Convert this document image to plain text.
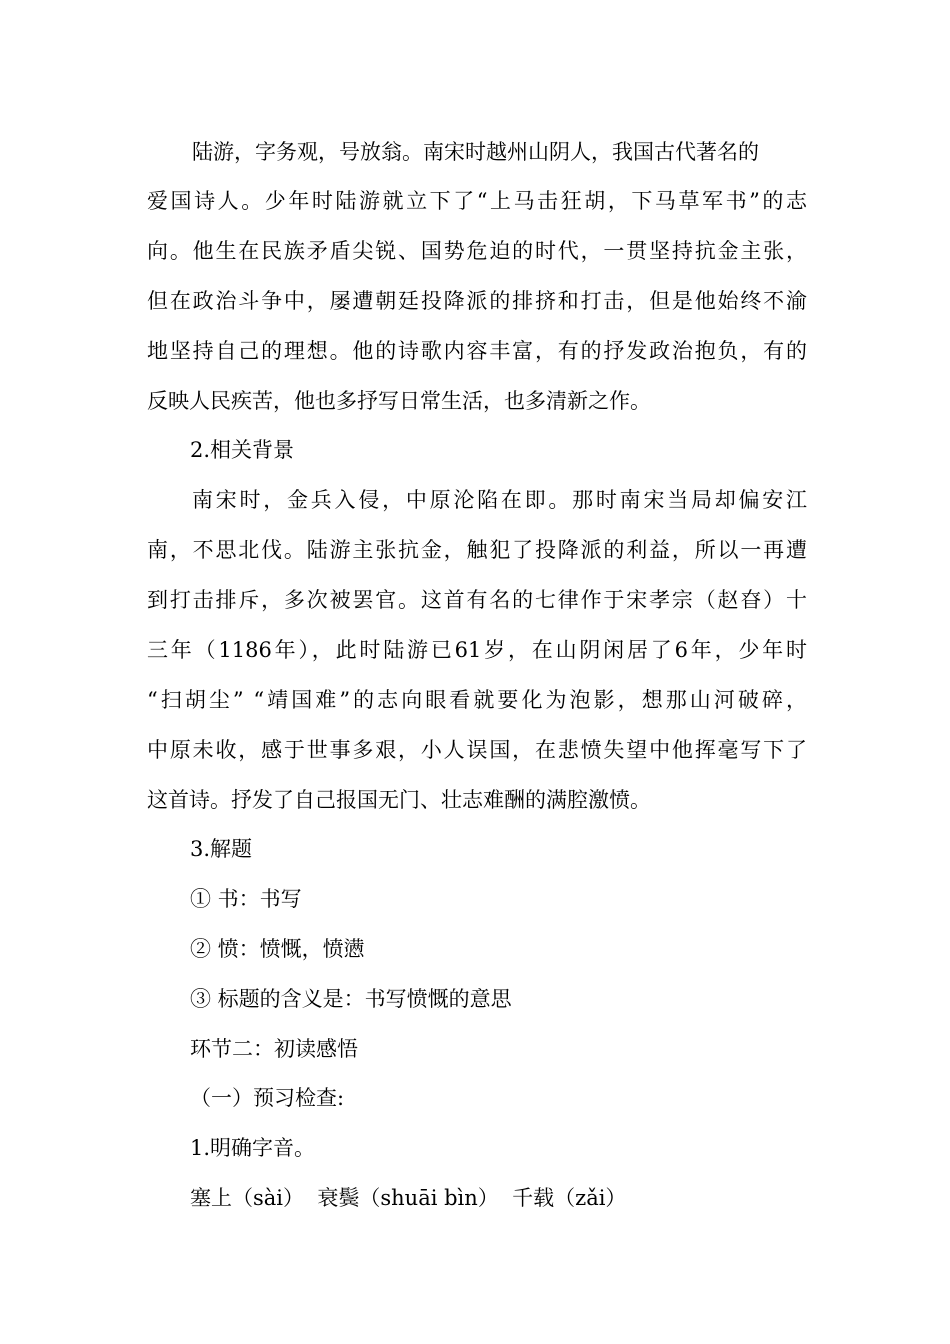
陆游，字务观，号放翁。南宋时越州山阴人，我国古代著名的
爱国诗人。少年时陆游就立下了“上马击狂胡，下马草军书”的志
向。他生在民族矛盾尖锐、国势危迫的时代，一贯坚持抗金主张，
但在政治斗争中，屡遭朝廷投降派的排挤和打击，但是他始终不渝
地坚持自己的理想。他的诗歌内容丰富，有的抒发政治抱负，有的
反映人民疾苦，他也多抒写日常生活，也多清新之作。
2.相关背景
南宋时，金兵入侵，中原沦陷在即。那时南宋当局却偏安江
南，不思北伐。陆游主张抗金，触犯了投降派的利益，所以一再遭
到打击排斥，多次被罢官。这首有名的七律作于宋孝宗（赵昚）十
三年（1186年），此时陆游已61岁，在山阴闲居了6年，少年时
“扫胡尘” “靖国难”的志向眼看就要化为泡影，想那山河破碎，
中原未收，感于世事多艰，小人误国，在悲愤失望中他挥毫写下了
这首诗。抒发了自己报国无门、壮志难酬的满腔激愤。
3.解题
① 书：书写
② 愤：愤慨，愤懑
③ 标题的含义是：书写愤慨的意思
环节二：初读感悟
（一）预习检查:
1.明确字音。
塞上（sài）  衰鬓（shuāi bìn）  千载（zǎi）
